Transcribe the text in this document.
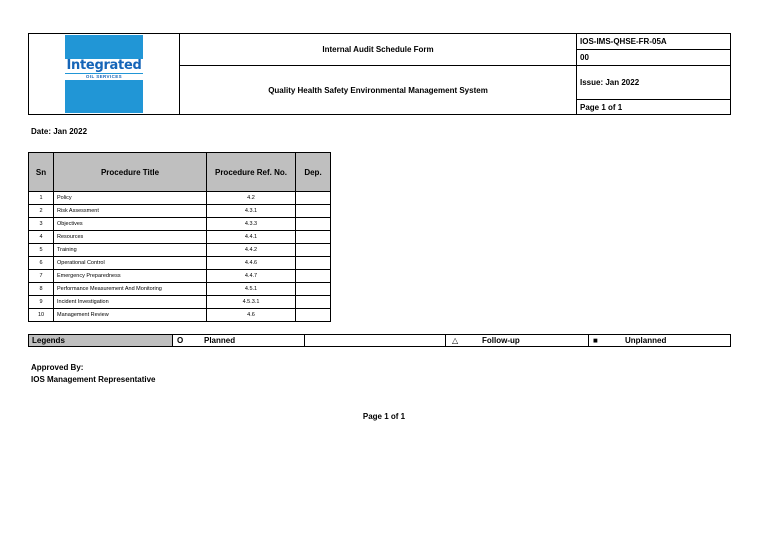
Integrated
OIL SERVICES	Internal Audit Schedule Form	IOS-IMS-QHSE-FR-05A
		00
	Quality Health Safety Environmental Management System	Issue: Jan 2022
		Page 1 of 1
Date: Jan 2022
Sn	Procedure Title	Procedure Ref. No.	Dep.
1	Policy	4.2	
2	Risk Assessment	4.3.1	
3	Objectives	4.3.3	
4	Resources	4.4.1	
5	Training	4.4.2	
6	Operational Control	4.4.6	
7	Emergency Preparedness	4.4.7	
8	Performance Measurement And Monitoring	4.5.1	
9	Incident Investigation	4.5.3.1	
10	Management Review	4.6	
Legends	O	Planned		△	Follow-up	■	Unplanned
Approved By:
IOS Management Representative
Page 1 of 1
